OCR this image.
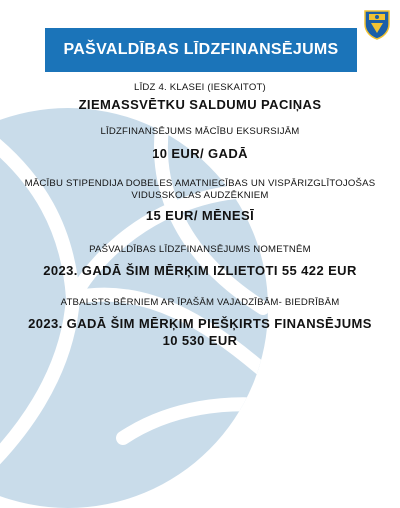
PAŠVALDĪBAS LĪDZFINANSĒJUMS
LĪDZ 4. KLASEI (IESKAITOT)
ZIEMASSVĒTKU SALDUMU PACIŅAS
LĪDZFINANSĒJUMS MĀCĪBU EKSURSIJĀM
10 EUR/ GADĀ
MĀCĪBU STIPENDIJA DOBELES AMATNIECĪBAS UN VISPĀRIZGLĪTOJOŠAS
VIDUSSKOLAS AUDZĒKNIEM
15 EUR/ MĒNESĪ
PAŠVALDĪBAS LĪDZFINANSĒJUMS NOMETNĒM
2023. GADĀ ŠIM MĒRĶIM IZLIETOTI 55 422 EUR
ATBALSTS BĒRNIEM AR ĪPAŠĀM VAJADZĪBĀM- BIEDRĪBĀM
2023. GADĀ ŠIM MĒRĶIM PIEŠĶIRTS FINANSĒJUMS
10 530 EUR
